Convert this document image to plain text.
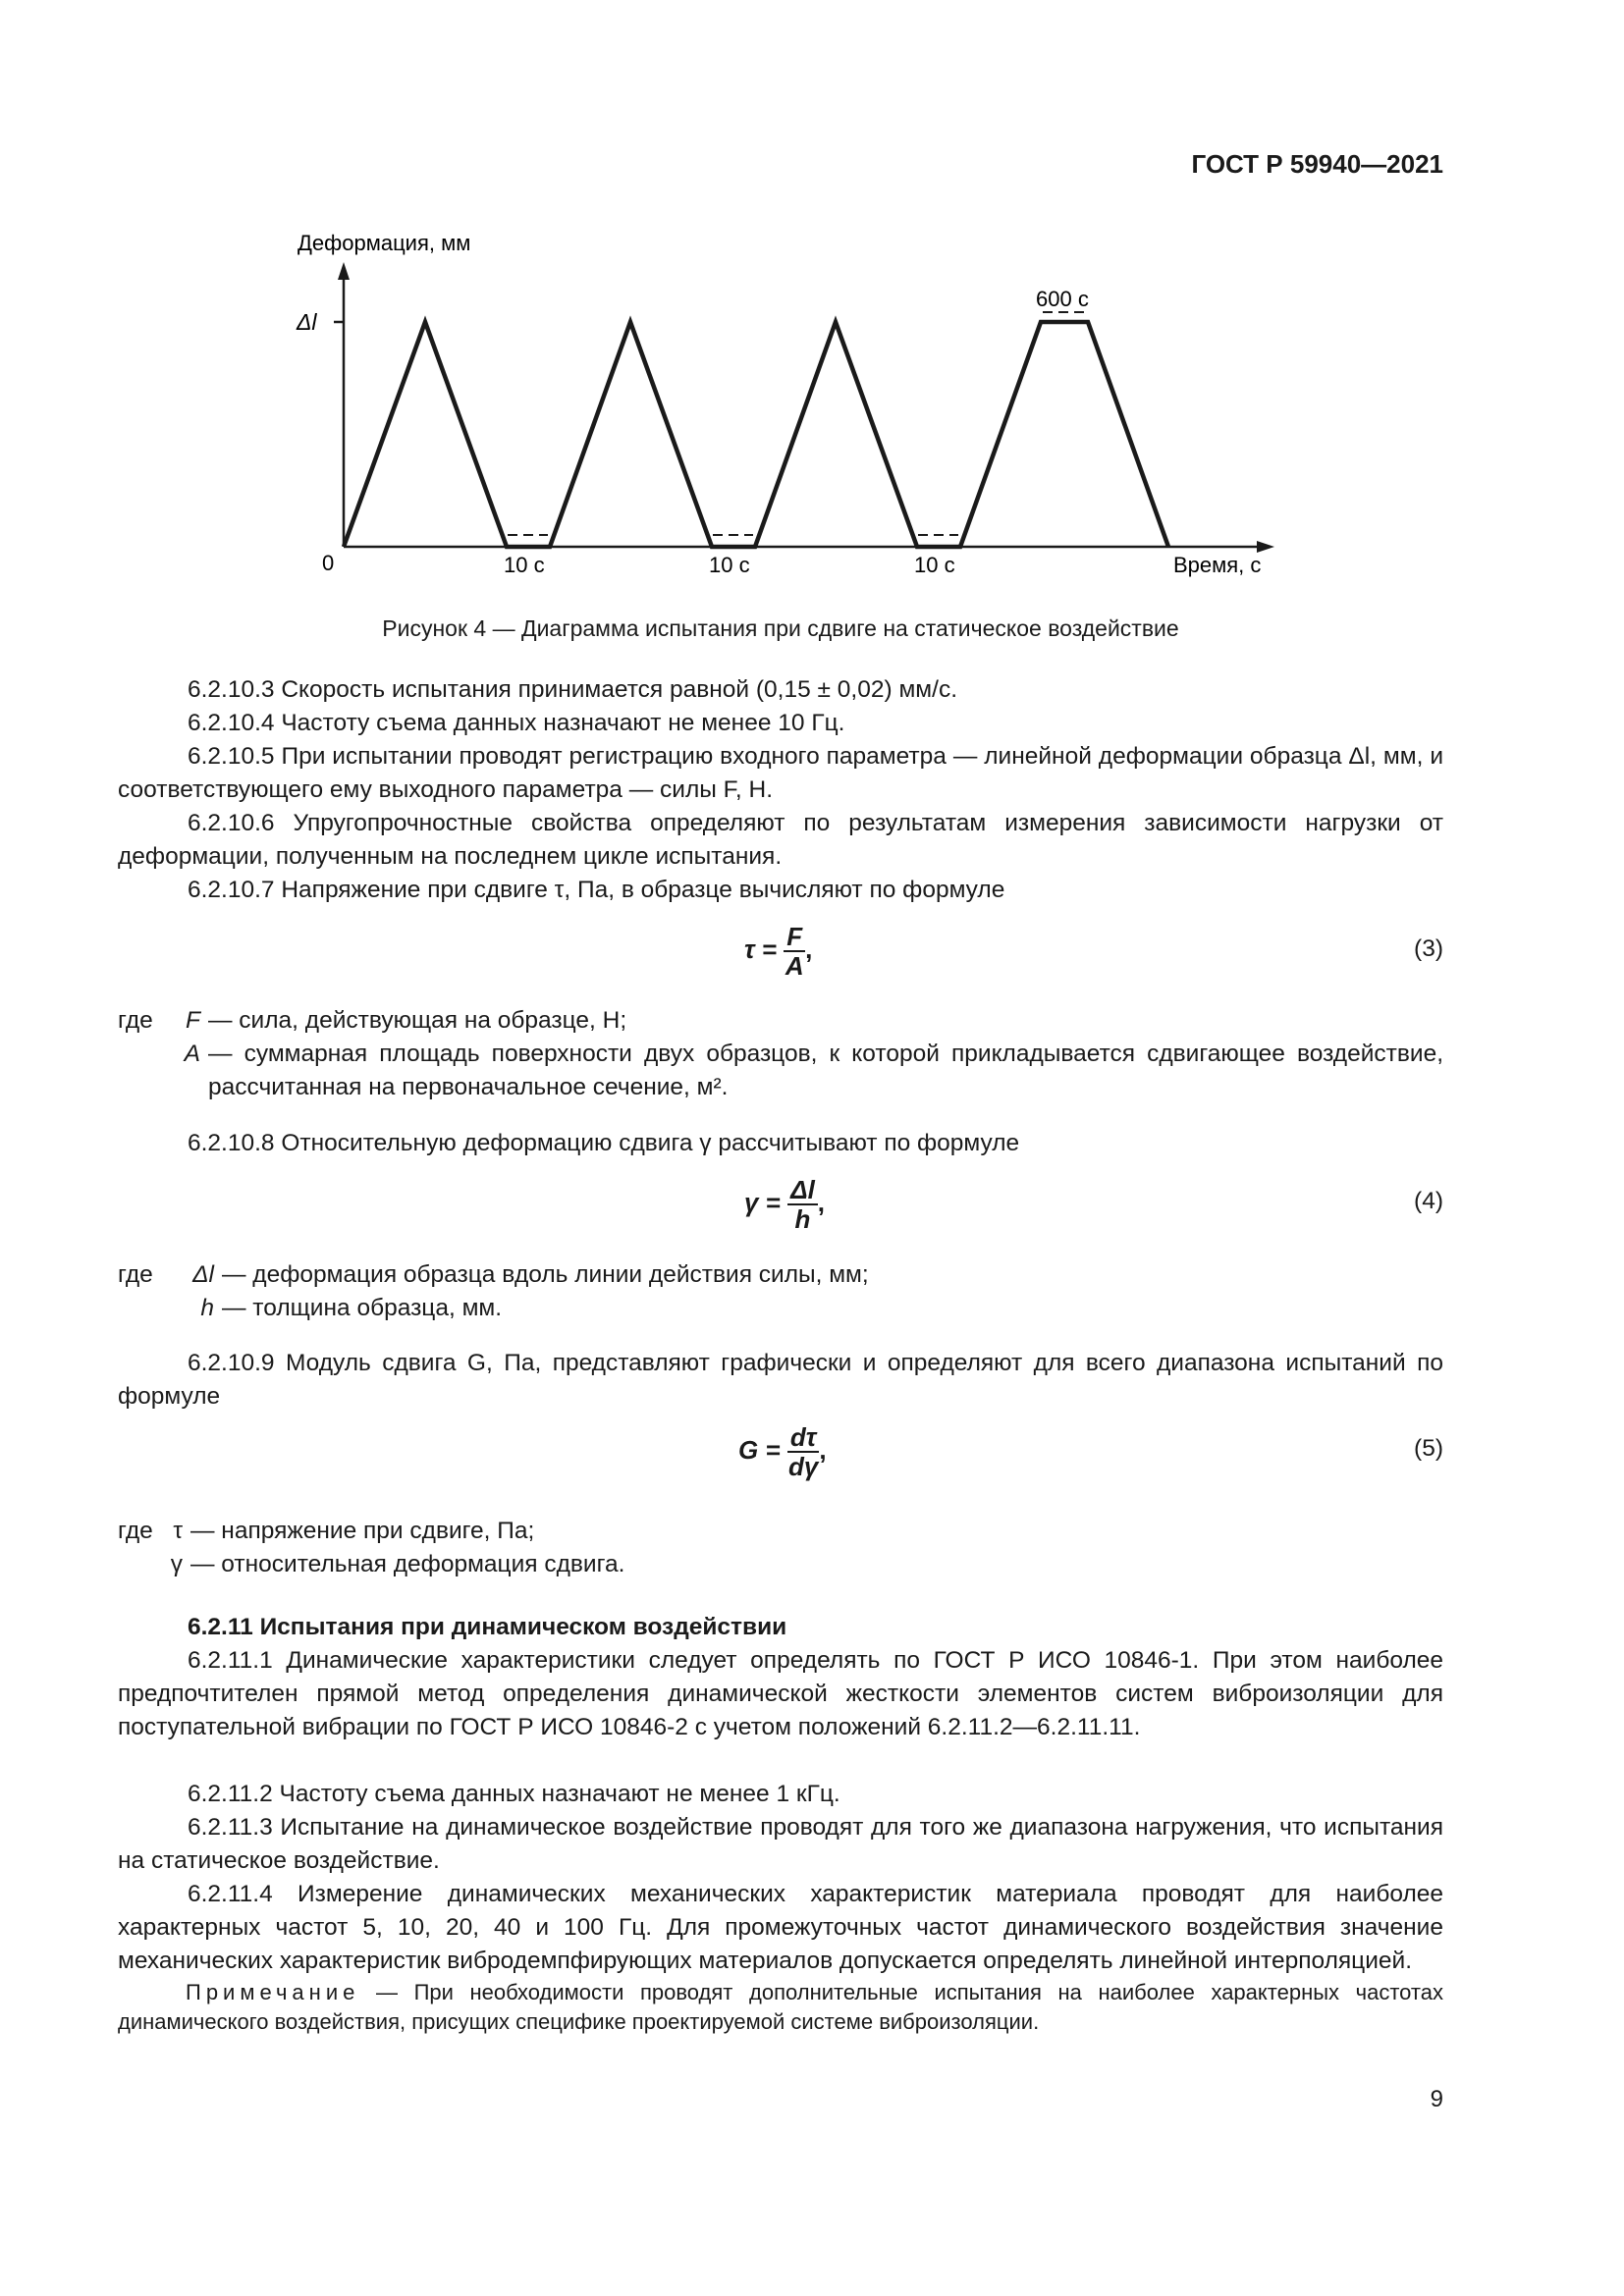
ГОСТ Р 59940—2021
Деформация, мм
Δl
0	Время, с
10 с	10 с	10 с
600 с
Рисунок 4 — Диаграмма испытания при сдвиге на статическое воздействие
6.2.10.3 Скорость испытания принимается равной (0,15 ± 0,02) мм/с.
6.2.10.4 Частоту съема данных назначают не менее 10 Гц.
6.2.10.5 При испытании проводят регистрацию входного параметра — линейной деформации образца Δl, мм, и соответствующего ему выходного параметра — силы F, Н.
6.2.10.6 Упругопрочностные свойства определяют по результатам измерения зависимости нагрузки от деформации, полученным на последнем цикле испытания.
6.2.10.7 Напряжение при сдвиге τ, Па, в образце вычисляют по формуле
$\tau = \frac{F}{A}$ ,	(3)
где	F — сила, действующая на образце, Н;
A — суммарная площадь поверхности двух образцов, к которой прикладывается сдвигающее воздействие, рассчитанная на первоначальное сечение, м².
6.2.10.8 Относительную деформацию сдвига γ рассчитывают по формуле
$\gamma = \frac{\Delta l}{h}$ ,	(4)
где	Δl — деформация образца вдоль линии действия силы, мм;
h — толщина образца, мм.
6.2.10.9 Модуль сдвига G, Па, представляют графически и определяют для всего диапазона испытаний по формуле
$G = \frac{d\tau}{d\gamma}$ ,	(5)
где τ — напряжение при сдвиге, Па;
γ — относительная деформация сдвига.
6.2.11 Испытания при динамическом воздействии
6.2.11.1 Динамические характеристики следует определять по ГОСТ Р ИСО 10846-1. При этом наиболее предпочтителен прямой метод определения динамической жесткости элементов систем виброизоляции для поступательной вибрации по ГОСТ Р ИСО 10846-2 с учетом положений 6.2.11.2—6.2.11.11.
6.2.11.2 Частоту съема данных назначают не менее 1 кГц.
6.2.11.3 Испытание на динамическое воздействие проводят для того же диапазона нагружения, что испытания на статическое воздействие.
6.2.11.4 Измерение динамических механических характеристик материала проводят для наиболее характерных частот 5, 10, 20, 40 и 100 Гц. Для промежуточных частот динамического воздействия значение механических характеристик вибродемпфирующих материалов допускается определять линейной интерполяцией.
Примечание — При необходимости проводят дополнительные испытания на наиболее характерных частотах динамического воздействия, присущих специфике проектируемой системе виброизоляции.
9
